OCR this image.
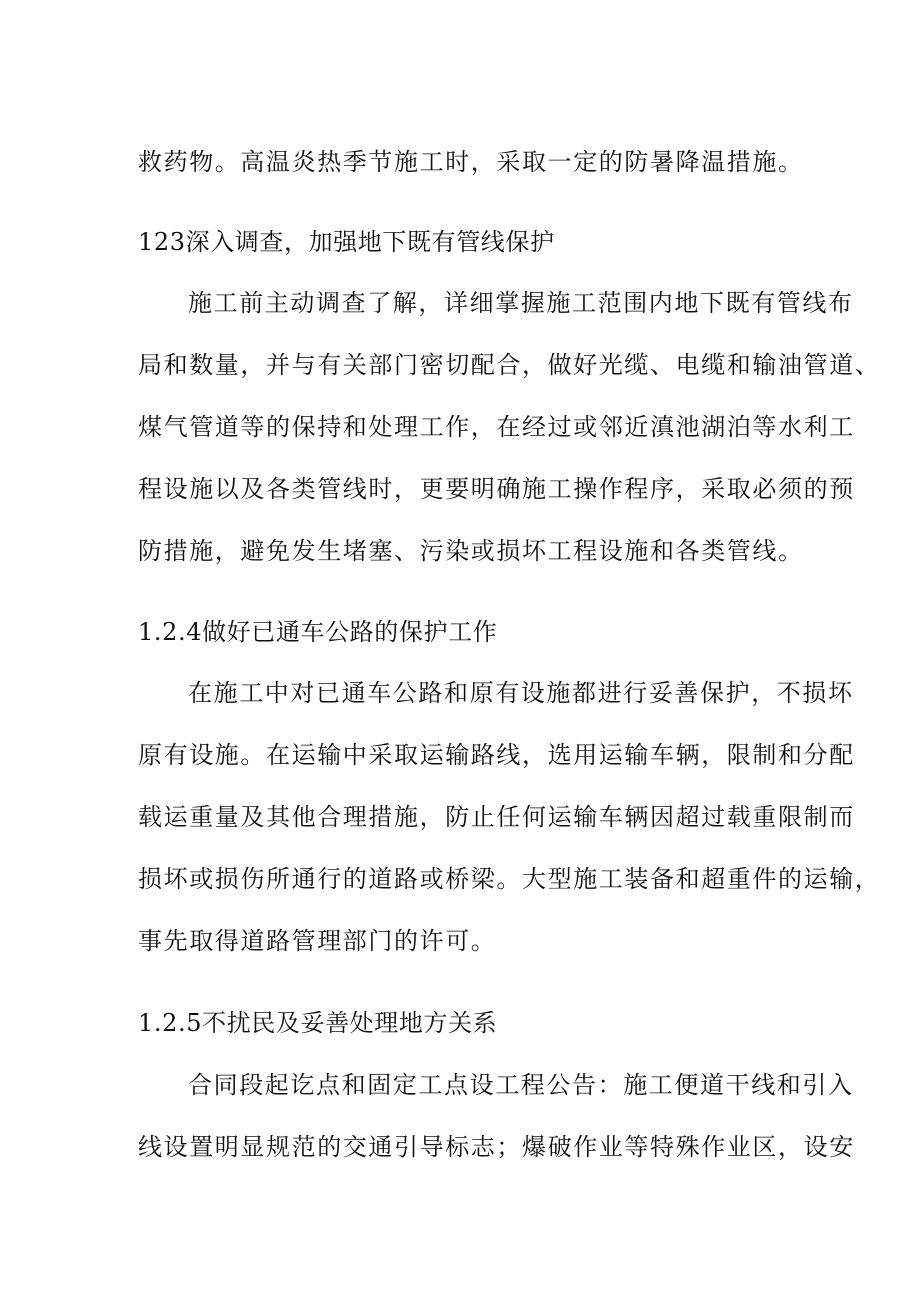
救药物。高温炎热季节施工时，采取一定的防暑降温措施。
123深入调查，加强地下既有管线保护
施工前主动调查了解，详细掌握施工范围内地下既有管线布
局和数量，并与有关部门密切配合，做好光缆、电缆和输油管道、
煤气管道等的保持和处理工作，在经过或邻近滇池湖泊等水利工
程设施以及各类管线时，更要明确施工操作程序，采取必须的预
防措施，避免发生堵塞、污染或损坏工程设施和各类管线。
1.2.4做好已通车公路的保护工作
在施工中对已通车公路和原有设施都进行妥善保护，不损坏
原有设施。在运输中采取运输路线，选用运输车辆，限制和分配
载运重量及其他合理措施，防止任何运输车辆因超过载重限制而
损坏或损伤所通行的道路或桥梁。大型施工装备和超重件的运输，
事先取得道路管理部门的许可。
1.2.5不扰民及妥善处理地方关系
合同段起讫点和固定工点设工程公告：施工便道干线和引入
线设置明显规范的交通引导标志；爆破作业等特殊作业区，设安
